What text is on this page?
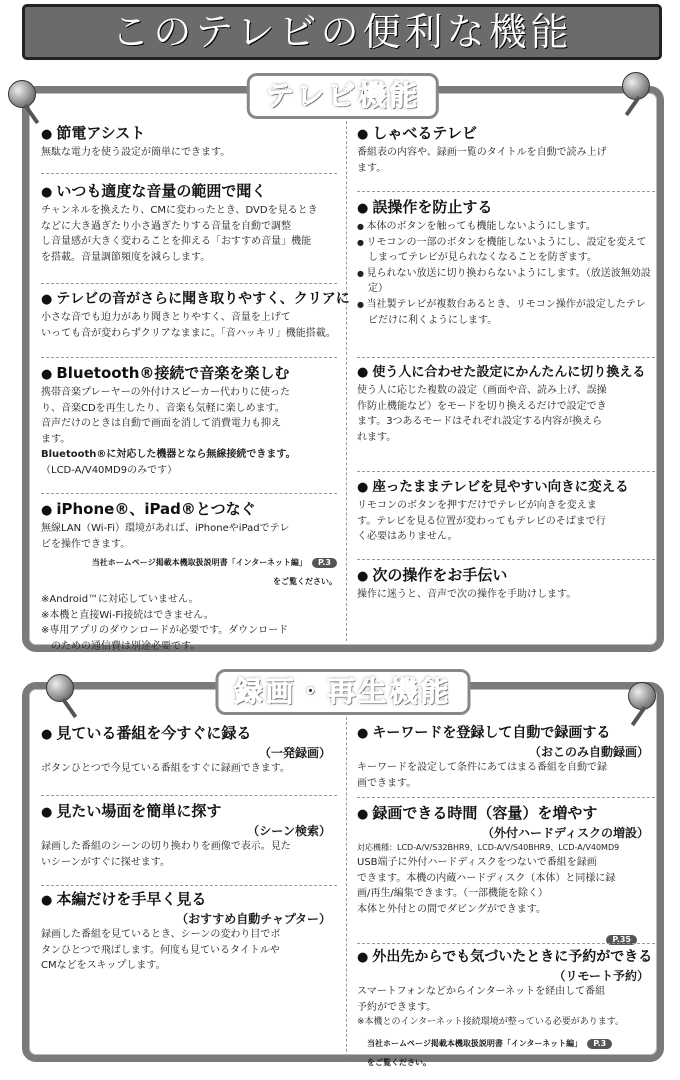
このテレビの便利な機能
テレビ機能
● 節電アシスト
無駄な電力を使う設定が簡単にできます。
● いつも適度な音量の範囲で聞く
チャンネルを換えたり、CMに変わったとき、DVDを見るとき
などに大き過ぎたり小さ過ぎたりする音量を自動で調整
し音量感が大きく変わることを抑える「おすすめ音量」機能
を搭載。音量調節頻度を減らします。
● テレビの音がさらに聞き取りやすく、クリアに
小さな音でも迫力があり聞きとりやすく、音量を上げて
いっても音が変わらずクリアなままに。「音ハッキリ」機能搭載。
● Bluetooth®接続で音楽を楽しむ
携帯音楽プレーヤーの外付けスピーカー代わりに使った
り、音楽CDを再生したり、音楽も気軽に楽しめます。
音声だけのときは自動で画面を消して消費電力も抑え
ます。
Bluetooth®に対応した機器となら無線接続できます。
（LCD-A/V40MD9のみです）
● iPhone®、iPad®とつなぐ
無線LAN（Wi-Fi）環境があれば、iPhoneやiPadでテレ
ビを操作できます。
当社ホームページ掲載本機取扱説明書「インターネット編」 P.3 をご覧ください。
※Android™に対応していません。
※本機と直接Wi-Fi接続はできません。
※専用アプリのダウンロードが必要です。ダウンロード
　のための通信費は別途必要です。
● しゃべるテレビ
番組表の内容や、録画一覧のタイトルを自動で読み上げ
ます。
● 誤操作を防止する
● 本体のボタンを触っても機能しないようにします。
● リモコンの一部のボタンを機能しないようにし、設定を変えてしまってテレビが見られなくなることを防ぎます。
● 見られない放送に切り換わらないようにします。（放送波無効設定）
● 当社製テレビが複数台あるとき、リモコン操作が設定したテレビだけに利くようにします。
● 使う人に合わせた設定にかんたんに切り換える
使う人に応じた複数の設定（画面や音、読み上げ、誤操
作防止機能など）をモードを切り換えるだけで設定でき
ます。3つあるモードはそれぞれ設定する内容が換えら
れます。
● 座ったままテレビを見やすい向きに変える
リモコンのボタンを押すだけでテレビが向きを変えま
す。テレビを見る位置が変わってもテレビのそばまで行
く必要はありません。
● 次の操作をお手伝い
操作に迷うと、音声で次の操作を手助けします。
録画・再生機能
● 見ている番組を今すぐに録る
（一発録画）
ボタンひとつで今見ている番組をすぐに録画できます。
● 見たい場面を簡単に探す
（シーン検索）
録画した番組のシーンの切り換わりを画像で表示。見た
いシーンがすぐに探せます。
● 本編だけを手早く見る
（おすすめ自動チャプター）
録画した番組を見ているとき、シーンの変わり目でボ
タンひとつで飛ばします。何度も見ているタイトルや
CMなどをスキップします。
● キーワードを登録して自動で録画する
（おこのみ自動録画）
キーワードを設定して条件にあてはまる番組を自動で録
画できます。
● 録画できる時間（容量）を増やす
（外付ハードディスクの増設）
対応機種：LCD-A/V/S32BHR9、LCD-A/V/S40BHR9、LCD-A/V40MD9
USB端子に外付ハードディスクをつないで番組を録画
できます。本機の内蔵ハードディスク（本体）と同様に録
画/再生/編集できます。（一部機能を除く）
本体と外付との間でダビングができます。
P.35
● 外出先からでも気づいたときに予約ができる
（リモート予約）
スマートフォンなどからインターネットを経由して番組
予約ができます。
※本機とのインターネット接続環境が整っている必要があります。
当社ホームページ掲載本機取扱説明書「インターネット編」 P.3 をご覧ください。
